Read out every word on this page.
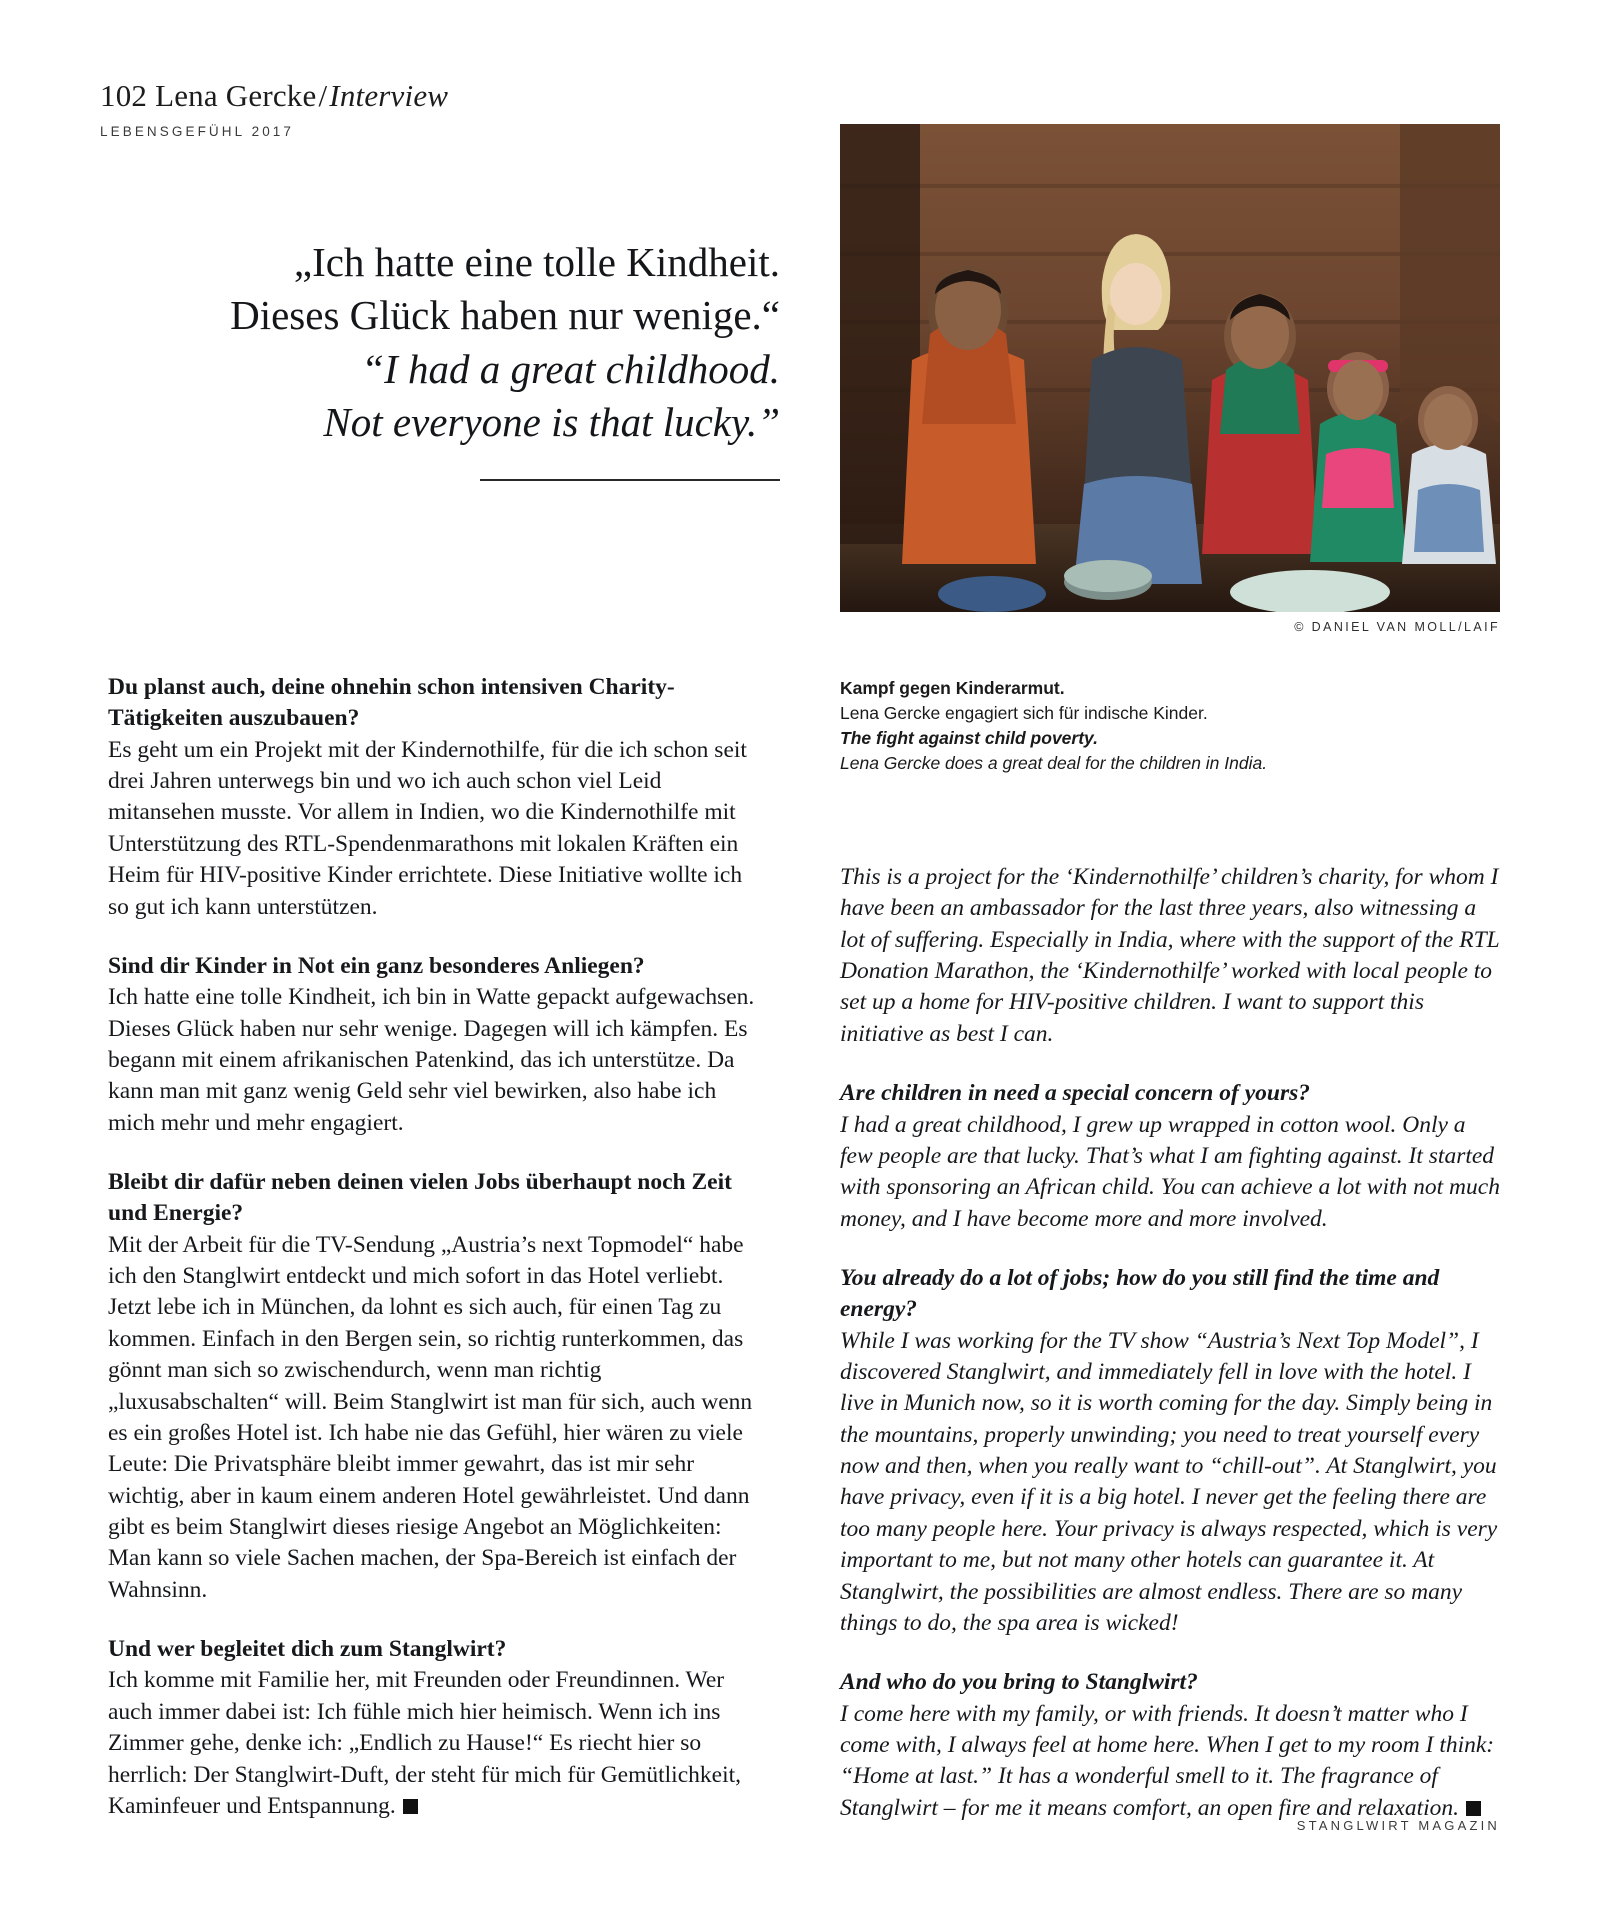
102 Lena Gercke/Interview
LEBENSGEFÜHL 2017
„Ich hatte eine tolle Kindheit.
Dieses Glück haben nur wenige.“
“I had a great childhood.
Not everyone is that lucky.”
© DANIEL VAN MOLL/LAIF
Kampf gegen Kinderarmut.
Lena Gercke engagiert sich für indische Kinder.
The fight against child poverty.
Lena Gercke does a great deal for the children in India.

Du planst auch, deine ohnehin schon intensiven Charity-Tätigkeiten auszubauen?

Es geht um ein Projekt mit der Kindernothilfe, für die ich schon seit drei Jahren unterwegs bin und wo ich auch schon viel Leid mitansehen musste. Vor allem in Indien, wo die Kindernothilfe mit Unterstützung des RTL-Spendenmarathons mit lokalen Kräften ein Heim für HIV-positive Kinder errichtete. Diese Initiative wollte ich so gut ich kann unterstützen.

Sind dir Kinder in Not ein ganz besonderes Anliegen?

Ich hatte eine tolle Kindheit, ich bin in Watte gepackt aufgewachsen. Dieses Glück haben nur sehr wenige. Dagegen will ich kämpfen. Es begann mit einem afrikanischen Patenkind, das ich unterstütze. Da kann man mit ganz wenig Geld sehr viel bewirken, also habe ich mich mehr und mehr engagiert.

Bleibt dir dafür neben deinen vielen Jobs überhaupt noch Zeit und Energie?

Mit der Arbeit für die TV-Sendung „Austria’s next Topmodel“ habe ich den Stanglwirt entdeckt und mich sofort in das Hotel verliebt. Jetzt lebe ich in München, da lohnt es sich auch, für einen Tag zu kommen. Einfach in den Bergen sein, so richtig runterkommen, das gönnt man sich so zwischendurch, wenn man richtig „luxusabschalten“ will. Beim Stanglwirt ist man für sich, auch wenn es ein großes Hotel ist. Ich habe nie das Gefühl, hier wären zu viele Leute: Die Privatsphäre bleibt immer gewahrt, das ist mir sehr wichtig, aber in kaum einem anderen Hotel gewährleistet. Und dann gibt es beim Stanglwirt dieses riesige Angebot an Möglichkeiten: Man kann so viele Sachen machen, der Spa-Bereich ist einfach der Wahnsinn.

Und wer begleitet dich zum Stanglwirt?

Ich komme mit Familie her, mit Freunden oder Freundinnen. Wer auch immer dabei ist: Ich fühle mich hier heimisch. Wenn ich ins Zimmer gehe, denke ich: „Endlich zu Hause!“ Es riecht hier so herrlich: Der Stanglwirt-Duft, der steht für mich für Gemütlichkeit, Kaminfeuer und Entspannung.

This is a project for the ‘Kindernothilfe’ children’s charity, for whom I have been an ambassador for the last three years, also witnessing a lot of suffering. Especially in India, where with the support of the RTL Donation Marathon, the ‘Kindernothilfe’ worked with local people to set up a home for HIV-positive children. I want to support this initiative as best I can.

Are children in need a special concern of yours?

I had a great childhood, I grew up wrapped in cotton wool. Only a few people are that lucky. That’s what I am fighting against. It started with sponsoring an African child. You can achieve a lot with not much money, and I have become more and more involved.

You already do a lot of jobs; how do you still find the time and energy?

While I was working for the TV show “Austria’s Next Top Model”, I discovered Stanglwirt, and immediately fell in love with the hotel. I live in Munich now, so it is worth coming for the day. Simply being in the mountains, properly unwinding; you need to treat yourself every now and then, when you really want to “chill-out”. At Stanglwirt, you have privacy, even if it is a big hotel. I never get the feeling there are too many people here. Your privacy is always respected, which is very important to me, but not many other hotels can guarantee it. At Stanglwirt, the possibilities are almost endless. There are so many things to do, the spa area is wicked!

And who do you bring to Stanglwirt?

I come here with my family, or with friends. It doesn’t matter who I come with, I always feel at home here. When I get to my room I think: “Home at last.” It has a wonderful smell to it. The fragrance of Stanglwirt – for me it means comfort, an open fire and relaxation.

STANGLWIRT MAGAZIN
